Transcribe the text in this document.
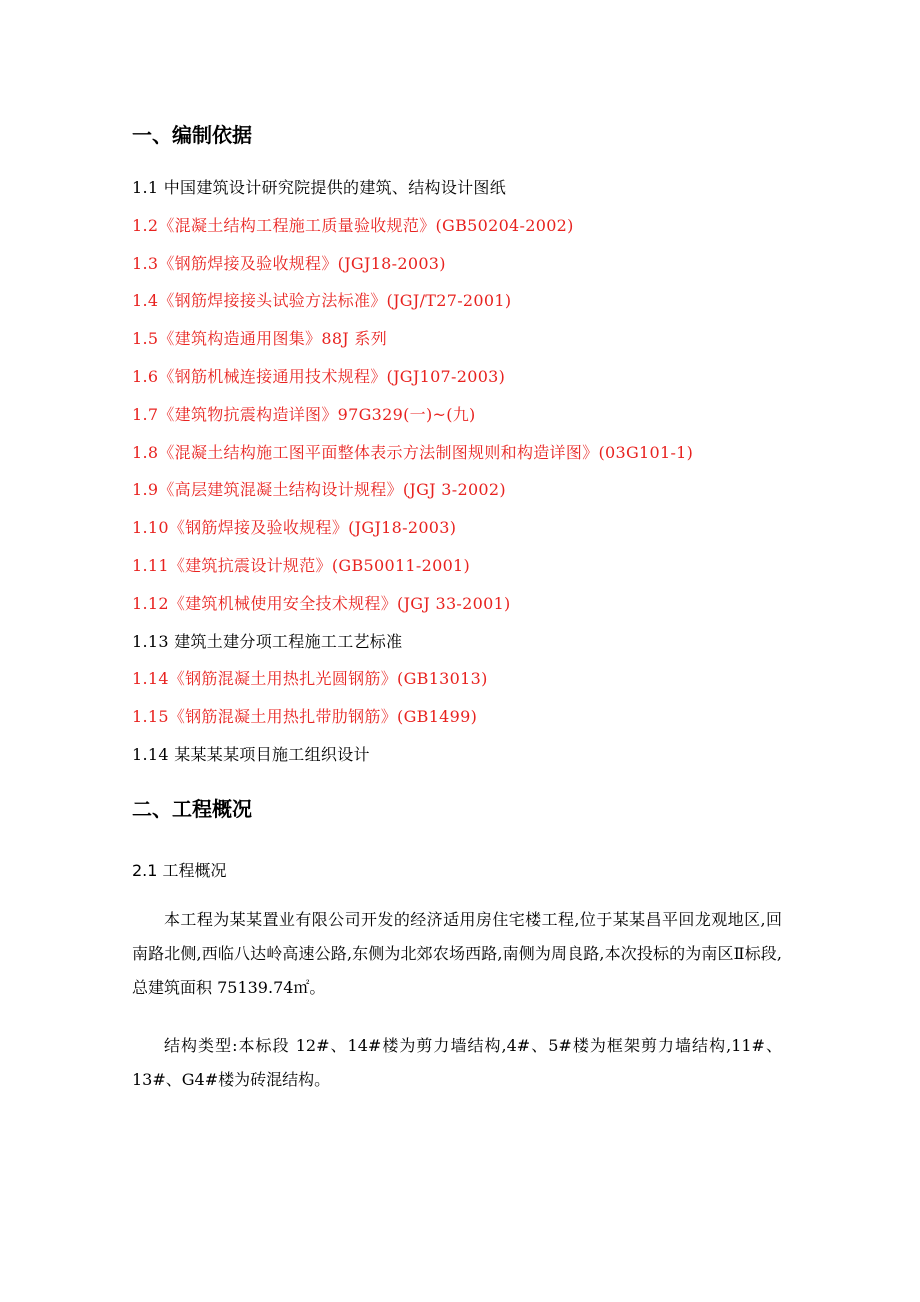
一、编制依据
1.1 中国建筑设计研究院提供的建筑、结构设计图纸
1.2《混凝土结构工程施工质量验收规范》(GB50204-2002)
1.3《钢筋焊接及验收规程》(JGJ18-2003)
1.4《钢筋焊接接头试验方法标准》(JGJ/T27-2001)
1.5《建筑构造通用图集》88J 系列
1.6《钢筋机械连接通用技术规程》(JGJ107-2003)
1.7《建筑物抗震构造详图》97G329(一)~(九)
1.8《混凝土结构施工图平面整体表示方法制图规则和构造详图》(03G101-1)
1.9《高层建筑混凝土结构设计规程》(JGJ 3-2002)
1.10《钢筋焊接及验收规程》(JGJ18-2003)
1.11《建筑抗震设计规范》(GB50011-2001)
1.12《建筑机械使用安全技术规程》(JGJ 33-2001)
1.13 建筑土建分项工程施工工艺标准
1.14《钢筋混凝土用热扎光圆钢筋》(GB13013)
1.15《钢筋混凝土用热扎带肋钢筋》(GB1499)
1.14 某某某某项目施工组织设计
二、工程概况
2.1 工程概况

本工程为某某置业有限公司开发的经济适用房住宅楼工程,位于某某昌平回龙观地区,回南路北侧,西临八达岭高速公路,东侧为北郊农场西路,南侧为周良路,本次投标的为南区Ⅱ标段,总建筑面积 75139.74㎡。

结构类型:本标段 12#、14#楼为剪力墙结构,4#、5#楼为框架剪力墙结构,11#、13#、G4#楼为砖混结构。
